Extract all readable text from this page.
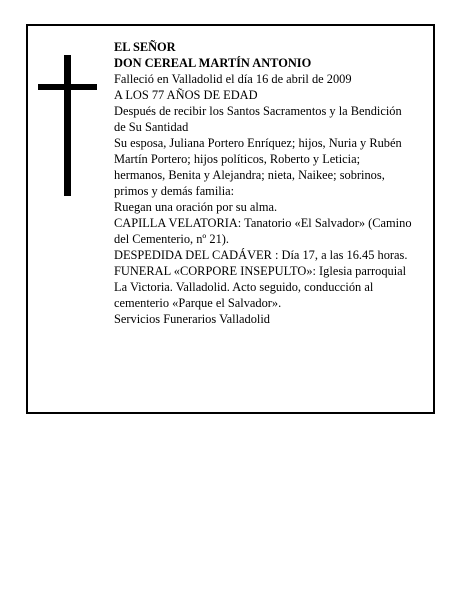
EL SEÑOR
DON CEREAL MARTÍN ANTONIO
Falleció en Valladolid el día 16 de abril de 2009
A LOS 77 AÑOS DE EDAD
Después de recibir los Santos Sacramentos y la Bendición de Su Santidad
Su esposa, Juliana Portero Enríquez; hijos, Nuria y Rubén Martín Portero; hijos políticos, Roberto y Leticia; hermanos, Benita y Alejandra; nieta, Naikee; sobrinos, primos y demás familia:
Ruegan una oración por su alma.
CAPILLA VELATORIA: Tanatorio «El Salvador» (Camino del Cementerio, nº 21).
DESPEDIDA DEL CADÁVER : Día 17, a las 16.45 horas.
FUNERAL «CORPORE INSEPULTO»: Iglesia parroquial La Victoria. Valladolid. Acto seguido, conducción al cementerio «Parque el Salvador».
Servicios Funerarios Valladolid
